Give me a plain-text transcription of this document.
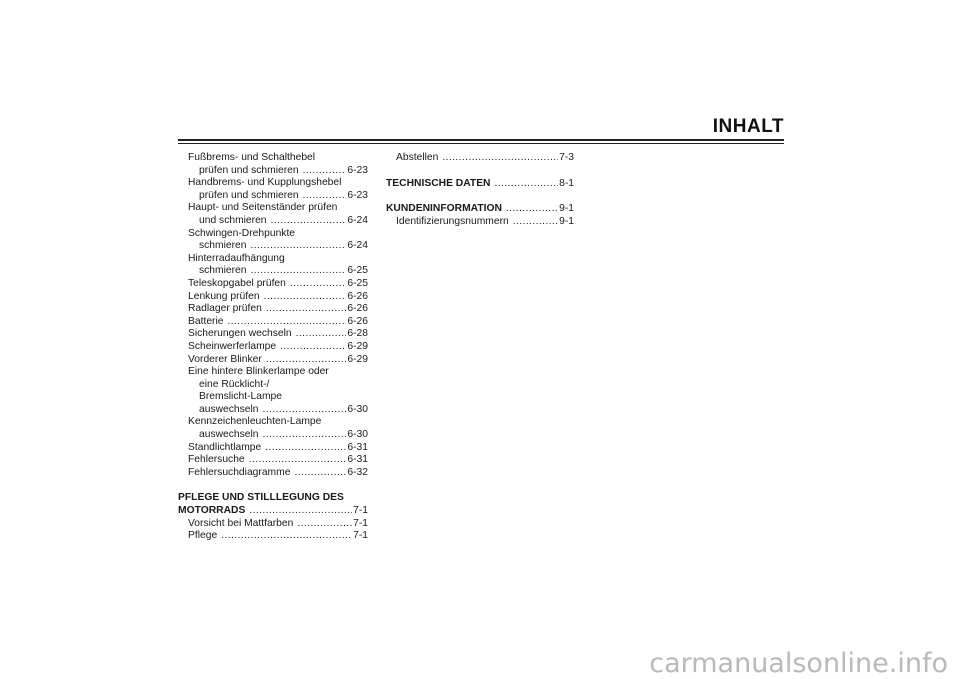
INHALT
Fußbrems- und Schalthebel
prüfen und schmieren .....	6-23
Handbrems- und Kupplungshebel
prüfen und schmieren .....	6-23
Haupt- und Seitenständer prüfen
und schmieren .....	6-24
Schwingen-Drehpunkte
schmieren .....	6-24
Hinterradaufhängung
schmieren .....	6-25
Teleskopgabel prüfen .....	6-25
Lenkung prüfen .....	6-26
Radlager prüfen .....	6-26
Batterie .....	6-26
Sicherungen wechseln .....	6-28
Scheinwerferlampe .....	6-29
Vorderer Blinker .....	6-29
Eine hintere Blinkerlampe oder
eine Rücklicht-/
Bremslicht-Lampe
auswechseln .....	6-30
Kennzeichenleuchten-Lampe
auswechseln .....	6-30
Standlichtlampe .....	6-31
Fehlersuche .....	6-31
Fehlersuchdiagramme .....	6-32
PFLEGE UND STILLLEGUNG DES
MOTORRADS .....	7-1
Vorsicht bei Mattfarben .....	7-1
Pflege .....	7-1
Abstellen .....	7-3
TECHNISCHE DATEN .....	8-1
KUNDENINFORMATION .....	9-1
Identifizierungsnummern .....	9-1
carmanualsonline.info
